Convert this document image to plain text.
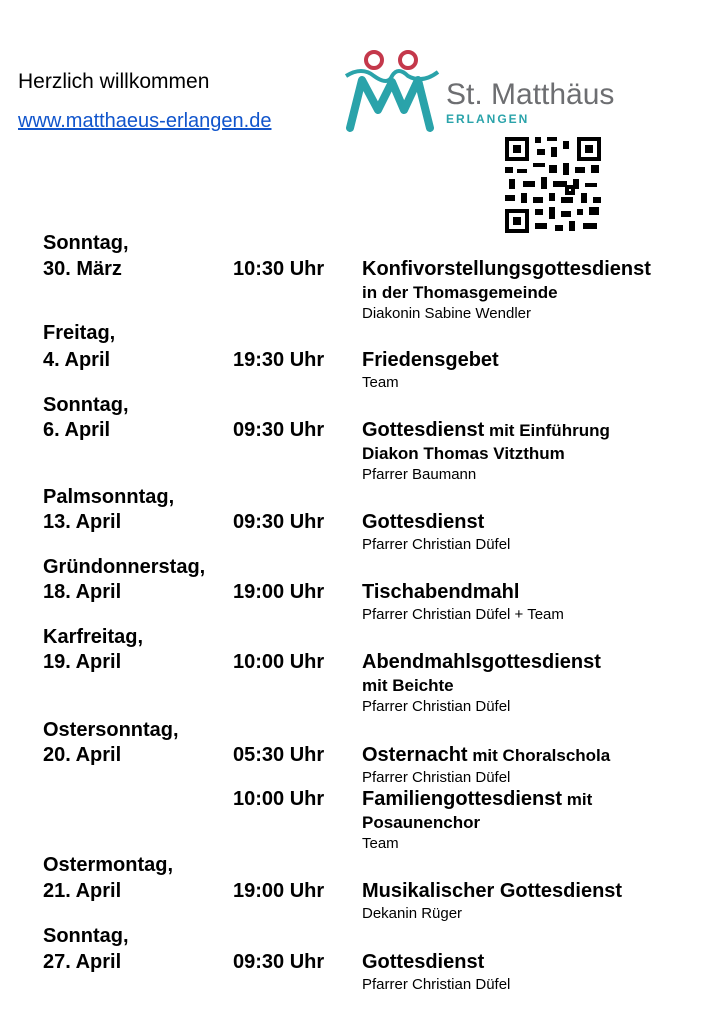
Herzlich willkommen
www.matthaeus-erlangen.de
St. Matthäus
ERLANGEN
Sonntag,
30. März	10:30 Uhr Konfivorstellungsgottesdienst
in der Thomasgemeinde
Diakonin Sabine Wendler
Freitag,
4. April	19:30 Uhr Friedensgebet
Team
Sonntag,
6. April	09:30 Uhr Gottesdienst mit Einführung
Diakon Thomas Vitzthum
Pfarrer Baumann
Palmsonntag,
13. April	09:30 Uhr Gottesdienst
Pfarrer Christian Düfel
Gründonnerstag,
18. April	19:00 Uhr Tischabendmahl
Pfarrer Christian Düfel + Team
Karfreitag,
19. April	10:00 Uhr Abendmahlsgottesdienst
mit Beichte
Pfarrer Christian Düfel
Ostersonntag,
20. April	05:30 Uhr Osternacht mit Choralschola
Pfarrer Christian Düfel
10:00 Uhr Familiengottesdienst mit
Posaunenchor
Team
Ostermontag,
21. April	19:00 Uhr Musikalischer Gottesdienst
Dekanin Rüger
Sonntag,
27. April	09:30 Uhr Gottesdienst
Pfarrer Christian Düfel
